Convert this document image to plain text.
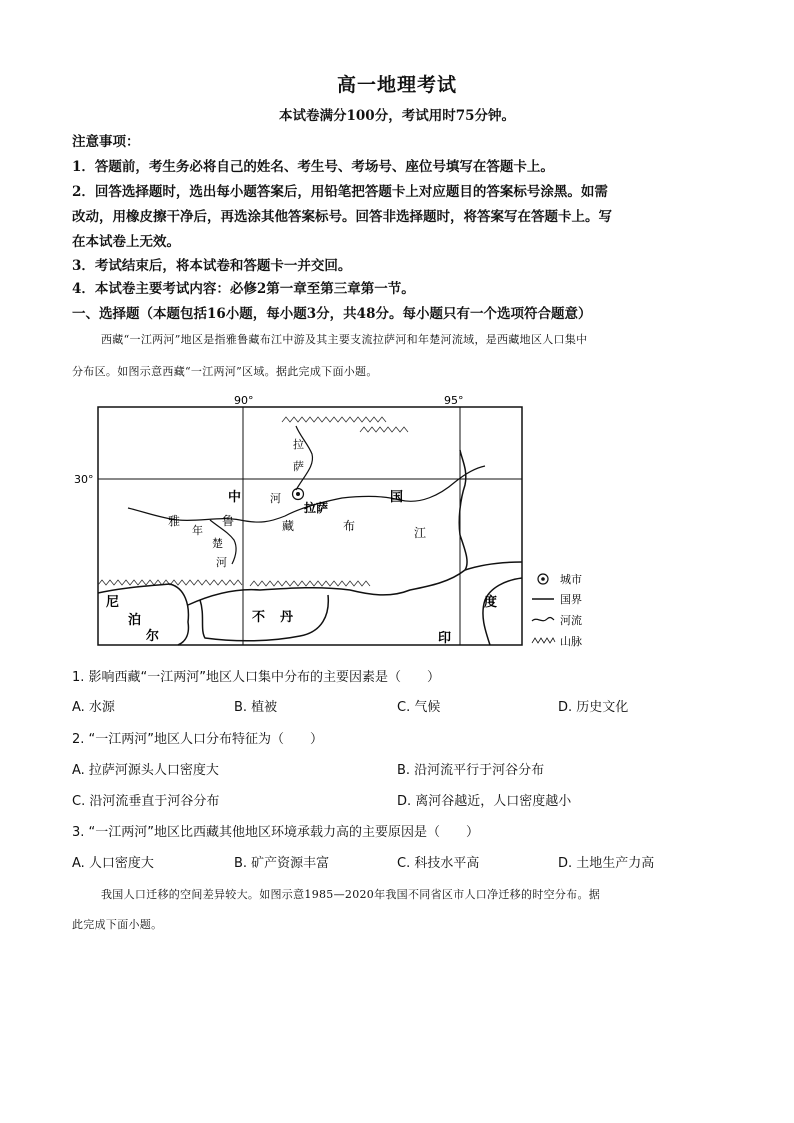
高一地理考试
本试卷满分100分，考试用时75分钟。
注意事项：
1．答题前，考生务必将自己的姓名、考生号、考场号、座位号填写在答题卡上。
2．回答选择题时，选出每小题答案后，用铅笔把答题卡上对应题目的答案标号涂黑。如需
改动，用橡皮擦干净后，再选涂其他答案标号。回答非选择题时，将答案写在答题卡上。写
在本试卷上无效。
3．考试结束后，将本试卷和答题卡一并交回。
4．本试卷主要考试内容：必修2第一章至第三章第一节。
一、选择题（本题包括16小题，每小题3分，共48分。每小题只有一个选项符合题意）
西藏“一江两河”地区是指雅鲁藏布江中游及其主要支流拉萨河和年楚河流域，是西藏地区人口集中
分布区。如图示意西藏“一江两河”区域。据此完成下面小题。
90°	95°
30°
拉萨
拉
萨
河
雅	鲁	藏	布	江
年
楚
河
中	国
尼
泊
尔
不 丹
度
印
城市
国界
河流
山脉
1. 影响西藏“一江两河”地区人口集中分布的主要因素是（　　）
A. 水源	B. 植被	C. 气候	D. 历史文化
2. “一江两河”地区人口分布特征为（　　）
A. 拉萨河源头人口密度大	B. 沿河流平行于河谷分布
C. 沿河流垂直于河谷分布	D. 离河谷越近，人口密度越小
3. “一江两河”地区比西藏其他地区环境承载力高的主要原因是（　　）
A. 人口密度大	B. 矿产资源丰富	C. 科技水平高	D. 土地生产力高
我国人口迁移的空间差异较大。如图示意1985—2020年我国不同省区市人口净迁移的时空分布。据
此完成下面小题。
